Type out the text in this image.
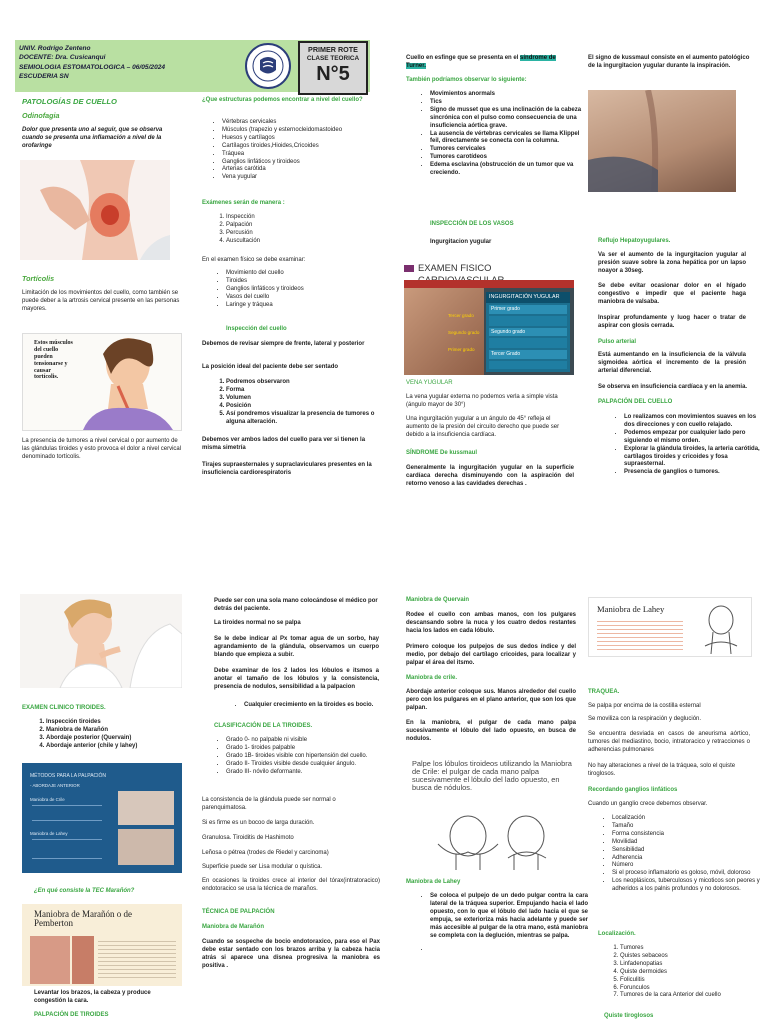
UNIV. Rodrigo Zenteno
DOCENTE: Dra. Cusicanqui
SEMIOLOGIA ESTOMATOLOGICA – 06/05/2024
ESCUDERIA SN
PRIMER ROTE
CLASE TEORICA
N°5
PATOLOGÍAS DE CUELLO
Odinofagia
Dolor que presenta uno al seguir, que se observa cuando se presenta una inflamación a nivel de la orofaringe
Tortícolis
Limitación de los movimientos del cuello, como también se puede deber a la artrosis cervical presente en las personas mayores.
Estos músculos del cuello pueden tensionarse y causar tortícolis.
La presencia de tumores a nivel cervical o por aumento de las glándulas tiroides y esto provoca el dolor a nivel cervical denominado tortícolis.
¿Que estructuras podemos encontrar a nivel del cuello?
• Vértebras cervicales
• Músculos (trapezio y esternocleidomastoideo
• Huesos y cartílagos
• Cartílagos tiroides,Hioides,Cricoides
• Tráquea
• Ganglios linfáticos y tiroideos
• Arterias carótida
• Vena yugular
Exámenes serán de manera :
1. Inspección
2. Palpación
3. Percusión
4. Auscultación
En el examen físico se debe examinar:
• Movimiento del cuello
• Tiroides
• Ganglios linfáticos y tiroideos
• Vasos del cuello
• Laringe y tráquea
Inspección del cuello
Debemos de revisar siempre de frente, lateral y posterior
La posición ideal del paciente debe ser sentado
1. Podremos observaron
2. Forma
3. Volumen
4. Posición
5. Así pondremos visualizar la presencia de tumores o alguna alteración.
Debemos ver ambos lados del cuello para ver si tienen la misma simetría
Tirajes supraesternales y supraclaviculares presentes en la insuficiencia cardiorespiratoris
Cuello en esfinge que se presenta en el síndrome de Turner.
También podríamos observar lo siguiente:
• Movimientos anormals
• Tics
• Signo de musset que es una inclinación de la cabeza sincrónica con el pulso como consecuencia de una insuficiencia aórtica grave.
• La ausencia de vértebras cervicales se llama Klippel feil, directamente se conecta con la columna.
• Tumores cervicales
• Tumores carotídeos
• Edema esclavina (obstrucción de un tumor que va creciendo.
INSPECCIÓN DE LOS VASOS
Ingurgitacion yugular
EXAMEN FISICO
Tercer grado
Segundo grado
Primer grado
INGURGITACIÓN YUGULAR
Primer grado
Segundo grado
Tercer Grado
VENA YUGULAR
La vena yugular externa no podemos verla a simple vista (ángulo mayor de 30°)
Una ingurgitación yugular a un ángulo de 45° refleja el aumento de la presión del circuito derecho que puede ser debido a la insuficiencia cardíaca.
SÍNDROME De kussmaul
Generalmente la ingurgitación yugular en la superficie cardíaca derecha disminuyendo con la aspiración del retorno venoso a las cavidades derechas .
El signo de kussmaul consiste en el aumento patológico de la ingurgitacion yugular durante la inspiración.
Reflujo Hepatoyugulares.
Va ser el aumento de la ingurgitacion yugular al presión suave sobre la zona hepática por un lapso noayor a 30seg.
Se debe evitar ocasionar dolor en el hígado congestivo e impedir que el paciente haga maniobra de valsaba.
Inspirar profundamente y luog hacer o tratar de aspirar con glosis cerrada.
Pulso arterial
Está aumentando en la insuficiencia de la válvula sigmoidea aórtica el incremento de la presión arterial diferencial.
Se observa en insuficiencia cardíaca y en la anemia.
PALPACIÓN DEL CUELLO
• Lo realizamos con movimientos suaves en los dos direcciones y con cuello relajado.
• Podemos empezar por cualquier lado pero siguiendo el mismo orden.
• Explorar la glándula tiroides, la arteria carótida, cartílagos tiroides y cricoides y fosa supraesternal.
• Presencia de ganglios o tumores.
EXAMEN CLINICO TIROIDES.
1. Inspección tiroides
2. Maniobra de Marañón
3. Abordaje posterior (Quervain)
4. Abordaje anterior (chile y lahey)
MÉTODOS PARA LA PALPACIÓN
- ABORDAJE ANTERIOR
Maniobra de Crile
Maniobra de Lahey
¿En qué consiste la TEC Marañón?
Maniobra de Marañón o de Pemberton
Levantar los brazos, la cabeza y produce congestión la cara.
PALPACIÓN DE TIROIDES
Puede ser con una sola mano colocándose el médico por detrás del paciente.
La tiroides normal no se palpa
Se le debe indicar al Px tomar agua de un sorbo, hay agrandamiento de la glándula, observamos un cuerpo blando que empieza a subir.
Debe examinar de los 2 lados los lóbulos e itsmos a anotar el tamaño de los lóbulos y la consistencia, presencia de nodulos, sensibilidad a la palpacion
• Cualquier crecimiento en la tiroides es bocio.
CLASIFICACIÓN DE LA TIROIDES.
• Grado 0- no palpable ni visible
• Grado 1- tiroides palpable
• Grado 1B- tiroides visible con hipertensión del cuello.
• Grado II- Tiroides visible desde cualquier ángulo.
• Grado III- nóvilo deformante.
La consistencia de la glándula puede ser normal o parenquimatosa.
Si es firme es un bocoo de larga duración.
Granulosa. Tiroiditis de Hashimoto
Leñosa o pétrea (trodes de Riedel y carcinoma)
Superficie puede ser Lisa modular o quística.
En ocasiones la tiroides crece al interior del tórax(intratoracico) endotoracico se usa la técnica de maraños.
TÉCNICA DE PALPACIÓN
Maniobra de Marañón
Cuando se sospeche de bocio endotoraxico, para eso el Pax debe estar sentado con los brazos arriba y la cabeza hacia atrás si aparece una disnea progresiva la maniobra es positiva .
Maniobra de Quervain
Rodee el cuello con ambas manos, con los pulgares descansando sobre la nuca y los cuatro dedos restantes hacia los lados en cada lóbulo.
Primero coloque los pulpejos de sus dedos índice y del medio, por debajo del cartílago cricoides, para localizar y palpar el área del itsmo.
Maniobra de crile.
Abordaje anterior coloque sus. Manos alrededor del cuello pero con los pulgares en el plano anterior, que son los que palpan.
En la maniobra, el pulgar de cada mano palpa sucesivamente el lóbulo del lado opuesto, en busca de nodulos.
Palpe los lóbulos tiroideos utilizando la Maniobra de Crile: el pulgar de cada mano palpa sucesivamente el lóbulo del lado opuesto, en busca de nódulos.
Maniobra de Lahey
• Se coloca el pulpejo de un dedo pulgar contra la cara lateral de la tráquea superior. Empujando hacia el lado opuesto, con lo que el lóbulo del lado hacia el que se empuja, se exterioriza más hacia adelante y puede ser más accesible al pulgar de la otra mano, está maniobra se completa con la deglución, mientras se palpa.
•
Maniobra de Lahey
TRAQUEA.
Se palpa por encima de la costilla esternal
Se moviliza con la respiración y deglución.
Se encuentra desviada en casos de aneurisma aórtico, tumores del mediastino, bocio, intratoracico y retracciones o adherencias pulmonares
No hay alteraciones a nivel de la tráquea, solo el quiste tiroglosos.
Recordando ganglios linfáticos
Cuando un ganglio crece debemos observar.
• Localización
• Tamaño
• Forma consistencia
• Movilidad
• Sensibilidad
• Adherencia
• Número
• Si el proceso inflamatorio es goloso, móvil, doloroso
• Los neoplásicos, tuberculosos y micoticos son peores y adheridos a los palnis profundos y no dolorosos.
Localización.
1. Tumores
2. Quistes sebaceos
3. Linfadenopatias
4. Quiste dermoides
5. Foliculitis
6. Forunculos
7. Tumores de la cara Anterior del cuello
Quiste tiroglosos
